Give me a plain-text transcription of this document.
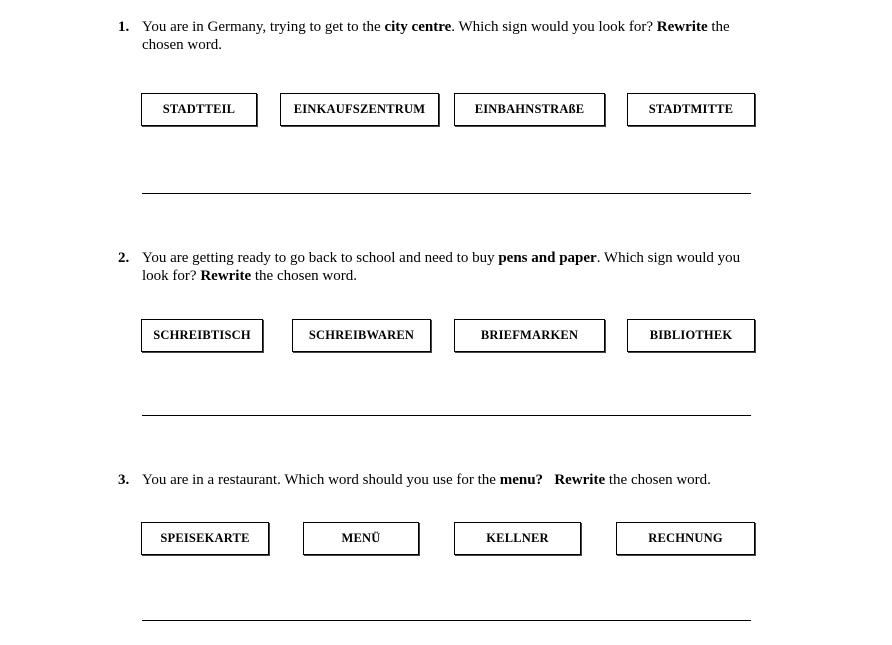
1. You are in Germany, trying to get to the city centre. Which sign would you look for? Rewrite the chosen word.
STADTTEIL	EINKAUFSZENTRUM	EINBAHNSTRAßE	STADTMITTE
2. You are getting ready to go back to school and need to buy pens and paper. Which sign would you look for? Rewrite the chosen word.
SCHREIBTISCH	SCHREIBWAREN	BRIEFMARKEN	BIBLIOTHEK
3. You are in a restaurant. Which word should you use for the menu? Rewrite the chosen word.
SPEISEKARTE	MENÜ	KELLNER	RECHNUNG
